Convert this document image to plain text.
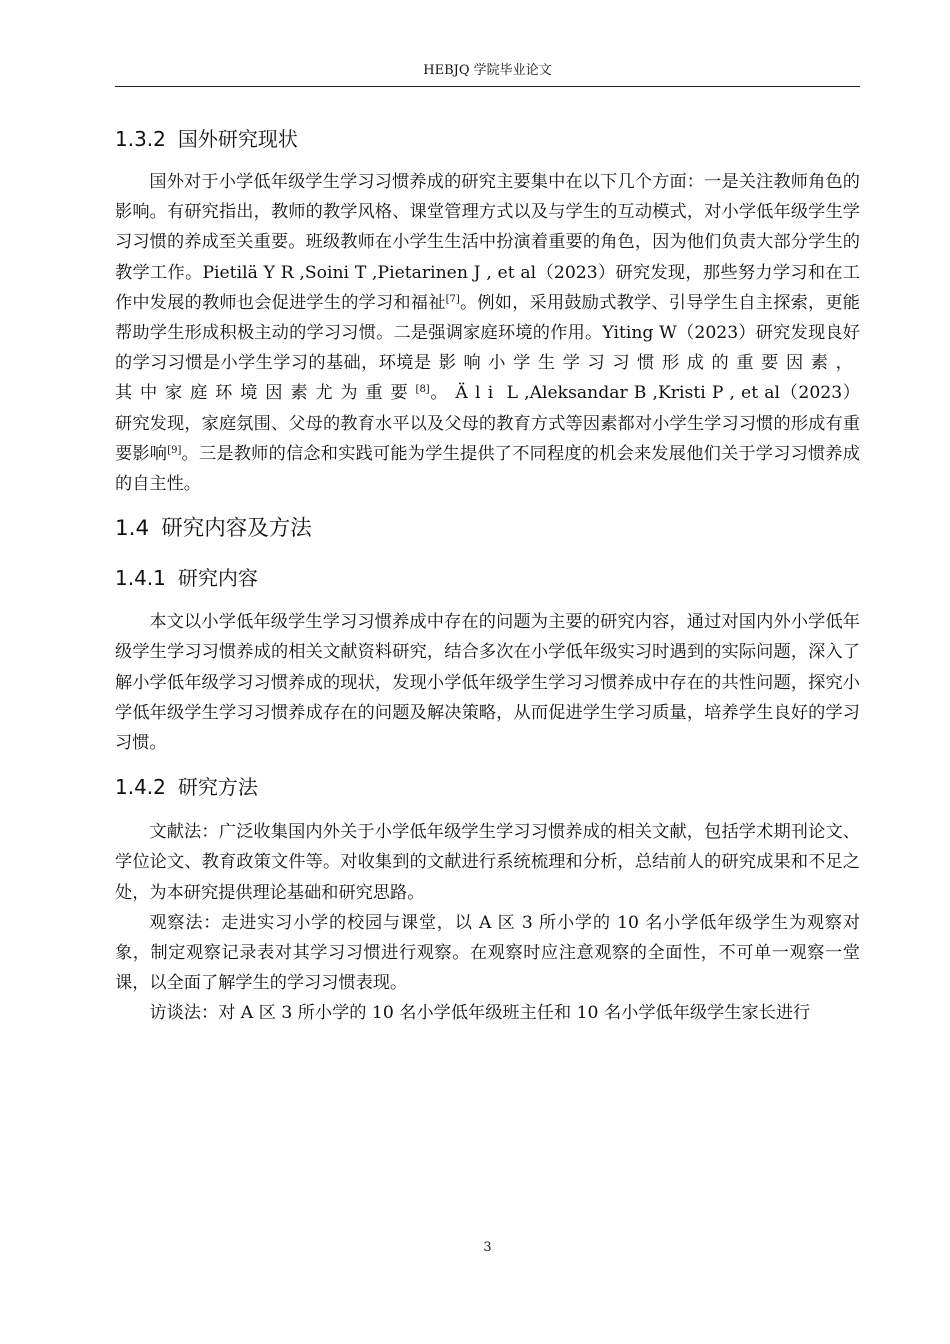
HEBJQ 学院毕业论文
1.3.2 国外研究现状

国外对于小学低年级学生学习习惯养成的研究主要集中在以下几个方面：一是关注教师角色的影响。有研究指出，教师的教学风格、课堂管理方式以及与学生的互动模式，对小学低年级学生学习习惯的养成至关重要。班级教师在小学生生活中扮演着重要的角色，因为他们负责大部分学生的教学工作。Pietilä Y R ,Soini T ,Pietarinen J , et al（2023）研究发现，那些努力学习和在工作中发展的教师也会促进学生的学习和福祉[7]。例如，采用鼓励式教学、引导学生自主探索，更能帮助学生形成积极主动的学习习惯。二是强调家庭环境的作用。Yiting W（2023）研究发现良好的学习习惯是小学生学习的基础，环境是影响小学生学习习惯形成的重要因素，其中家庭环境因素尤为重要[8]。Äli L ,Aleksandar B ,Kristi P , et al（2023）研究发现，家庭氛围、父母的教育水平以及父母的教育方式等因素都对小学生学习习惯的形成有重要影响[9]。三是教师的信念和实践可能为学生提供了不同程度的机会来发展他们关于学习习惯养成的自主性。

1.4 研究内容及方法
1.4.1 研究内容

本文以小学低年级学生学习习惯养成中存在的问题为主要的研究内容，通过对国内外小学低年级学生学习习惯养成的相关文献资料研究，结合多次在小学低年级实习时遇到的实际问题，深入了解小学低年级学习习惯养成的现状，发现小学低年级学生学习习惯养成中存在的共性问题，探究小学低年级学生学习习惯养成存在的问题及解决策略，从而促进学生学习质量，培养学生良好的学习习惯。

1.4.2 研究方法

文献法：广泛收集国内外关于小学低年级学生学习习惯养成的相关文献，包括学术期刊论文、学位论文、教育政策文件等。对收集到的文献进行系统梳理和分析，总结前人的研究成果和不足之处，为本研究提供理论基础和研究思路。

观察法：走进实习小学的校园与课堂，以 A 区 3 所小学的 10 名小学低年级学生为观察对象，制定观察记录表对其学习习惯进行观察。在观察时应注意观察的全面性，不可单一观察一堂课，以全面了解学生的学习习惯表现。

访谈法：对 A 区 3 所小学的 10 名小学低年级班主任和 10 名小学低年级学生家长进行

3
